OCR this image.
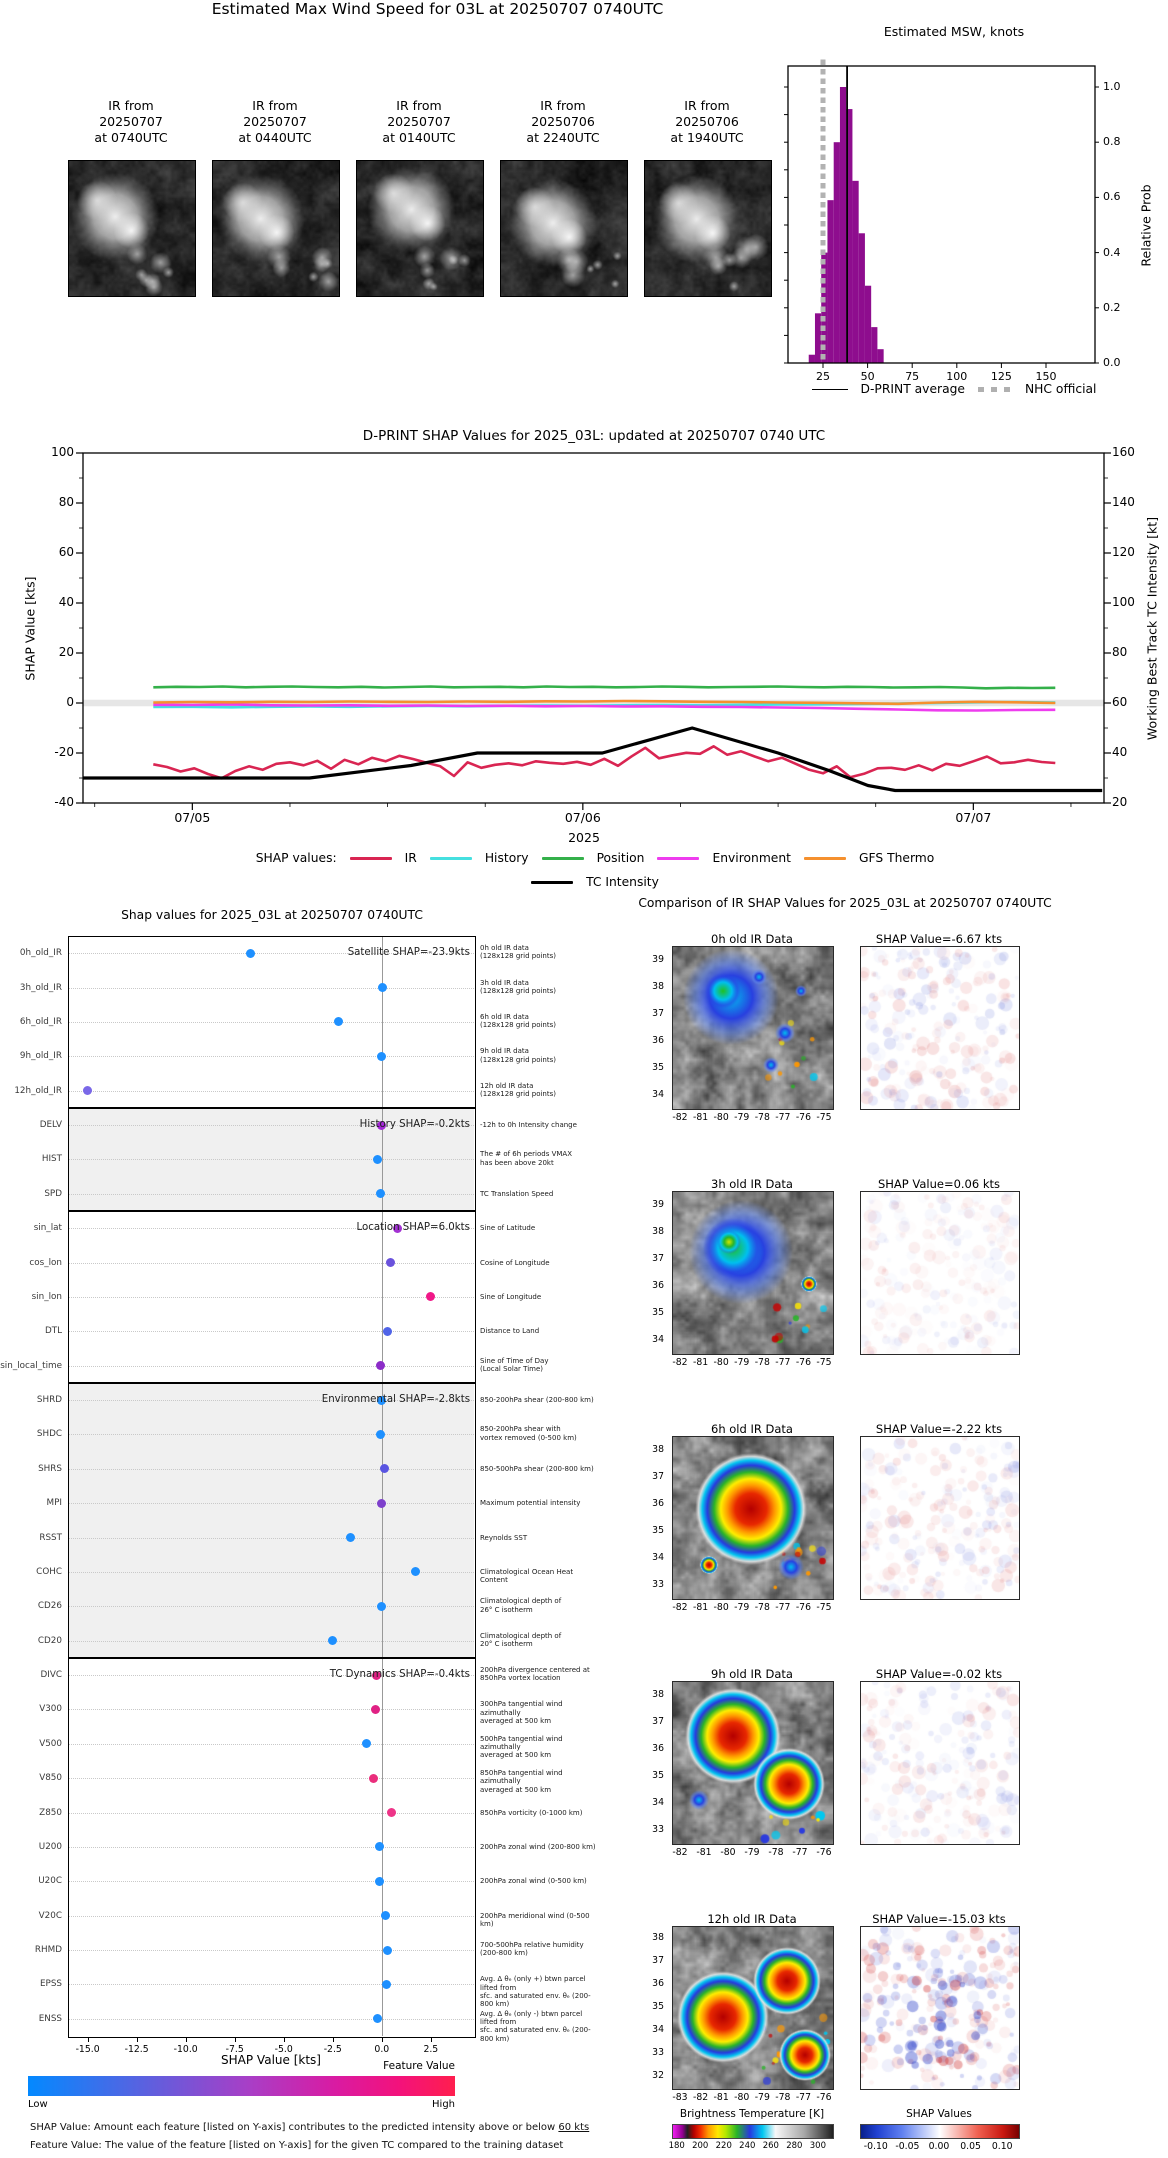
Estimated Max Wind Speed for 03L at 20250707 0740UTC
IR from
20250707
at 0740UTC
IR from
20250707
at 0440UTC
IR from
20250707
at 0140UTC
IR from
20250706
at 2240UTC
IR from
20250706
at 1940UTC
Estimated MSW, knots
Relative Prob
D-PRINT average	NHC official
0.0
0.2
0.4
0.6
0.8
1.0
25	50	75	100	125	150
D-PRINT SHAP Values for 2025_03L: updated at 20250707 0740 UTC
SHAP Value [kts]	Working Best Track TC Intensity [kt]
2025
SHAP values:	IR	History	Position	Environment	GFS Thermo
TC Intensity
100
80
60
40
20
0
-20
-40
160
140
120
100
80
60
40
20
07/05	07/06	07/07
Shap values for 2025_03L at 20250707 0740UTC
SHAP Value [kts]	Feature Value
Low	High
SHAP Value: Amount each feature [listed on Y-axis] contributes to the predicted intensity above or below 60 kts
Feature Value: The value of the feature [listed on Y-axis] for the given TC compared to the training dataset
0h_old_IR	0h old IR data
(128x128 grid points)
3h_old_IR	3h old IR data
(128x128 grid points)
6h_old_IR	6h old IR data
(128x128 grid points)
9h_old_IR	9h old IR data
(128x128 grid points)
12h_old_IR	12h old IR data
(128x128 grid points)
DELV	-12h to 0h Intensity change
HIST	The # of 6h periods VMAX
has been above 20kt
SPD	TC Translation Speed
sin_lat	Sine of Latitude
cos_lon	Cosine of Longitude
sin_lon	Sine of Longitude
DTL	Distance to Land
sin_local_time	Sine of Time of Day
(Local Solar Time)
SHRD	850-200hPa shear (200-800 km)
SHDC	850-200hPa shear with
vortex removed (0-500 km)
SHRS	850-500hPa shear (200-800 km)
MPI	Maximum potential intensity
RSST	Reynolds SST
COHC	Climatological Ocean Heat Content
CD26	Climatological depth of
26° C isotherm
CD20	Climatological depth of
20° C isotherm
DIVC	200hPa divergence centered at
850hPa vortex location
V300	300hPa tangential wind azimuthally
averaged at 500 km
V500	500hPa tangential wind azimuthally
averaged at 500 km
V850	850hPa tangential wind azimuthally
averaged at 500 km
Z850	850hPa vorticity (0-1000 km)
U200	200hPa zonal wind (200-800 km)
U20C	200hPa zonal wind (0-500 km)
V20C	200hPa meridional wind (0-500 km)
RHMD	700-500hPa relative humidity
(200-800 km)
EPSS	Avg. Δ θₑ (only +) btwn parcel lifted from
sfc. and saturated env. θₑ (200-800 km)
ENSS	Avg. Δ θₑ (only -) btwn parcel lifted from
sfc. and saturated env. θₑ (200-800 km)
Satellite SHAP=-23.9kts
History SHAP=-0.2kts
Location SHAP=6.0kts
Environmental SHAP=-2.8kts
TC Dynamics SHAP=-0.4kts
-15.0	-12.5	-10.0	-7.5	-5.0	-2.5	0.0	2.5
Comparison of IR SHAP Values for 2025_03L at 20250707 0740UTC
Brightness Temperature [K]	SHAP Values
0h old IR Data	SHAP Value=-6.67 kts
39
38
37
36
35
34
-82 -81 -80 -79 -78 -77 -76 -75
3h old IR Data	SHAP Value=0.06 kts
39
38
37
36
35
34
-82 -81 -80 -79 -78 -77 -76 -75
6h old IR Data	SHAP Value=-2.22 kts
38
37
36
35
34
33
-82 -81 -80 -79 -78 -77 -76 -75
9h old IR Data	SHAP Value=-0.02 kts
38
37
36
35
34
33
-82 -81 -80 -79 -78 -77 -76
12h old IR Data	SHAP Value=-15.03 kts
38
37
36
35
34
33
32
-83 -82 -81 -80 -79 -78 -77 -76
180 200 220 240 260 280 300	-0.10 -0.05 0.00	0.05	0.10
